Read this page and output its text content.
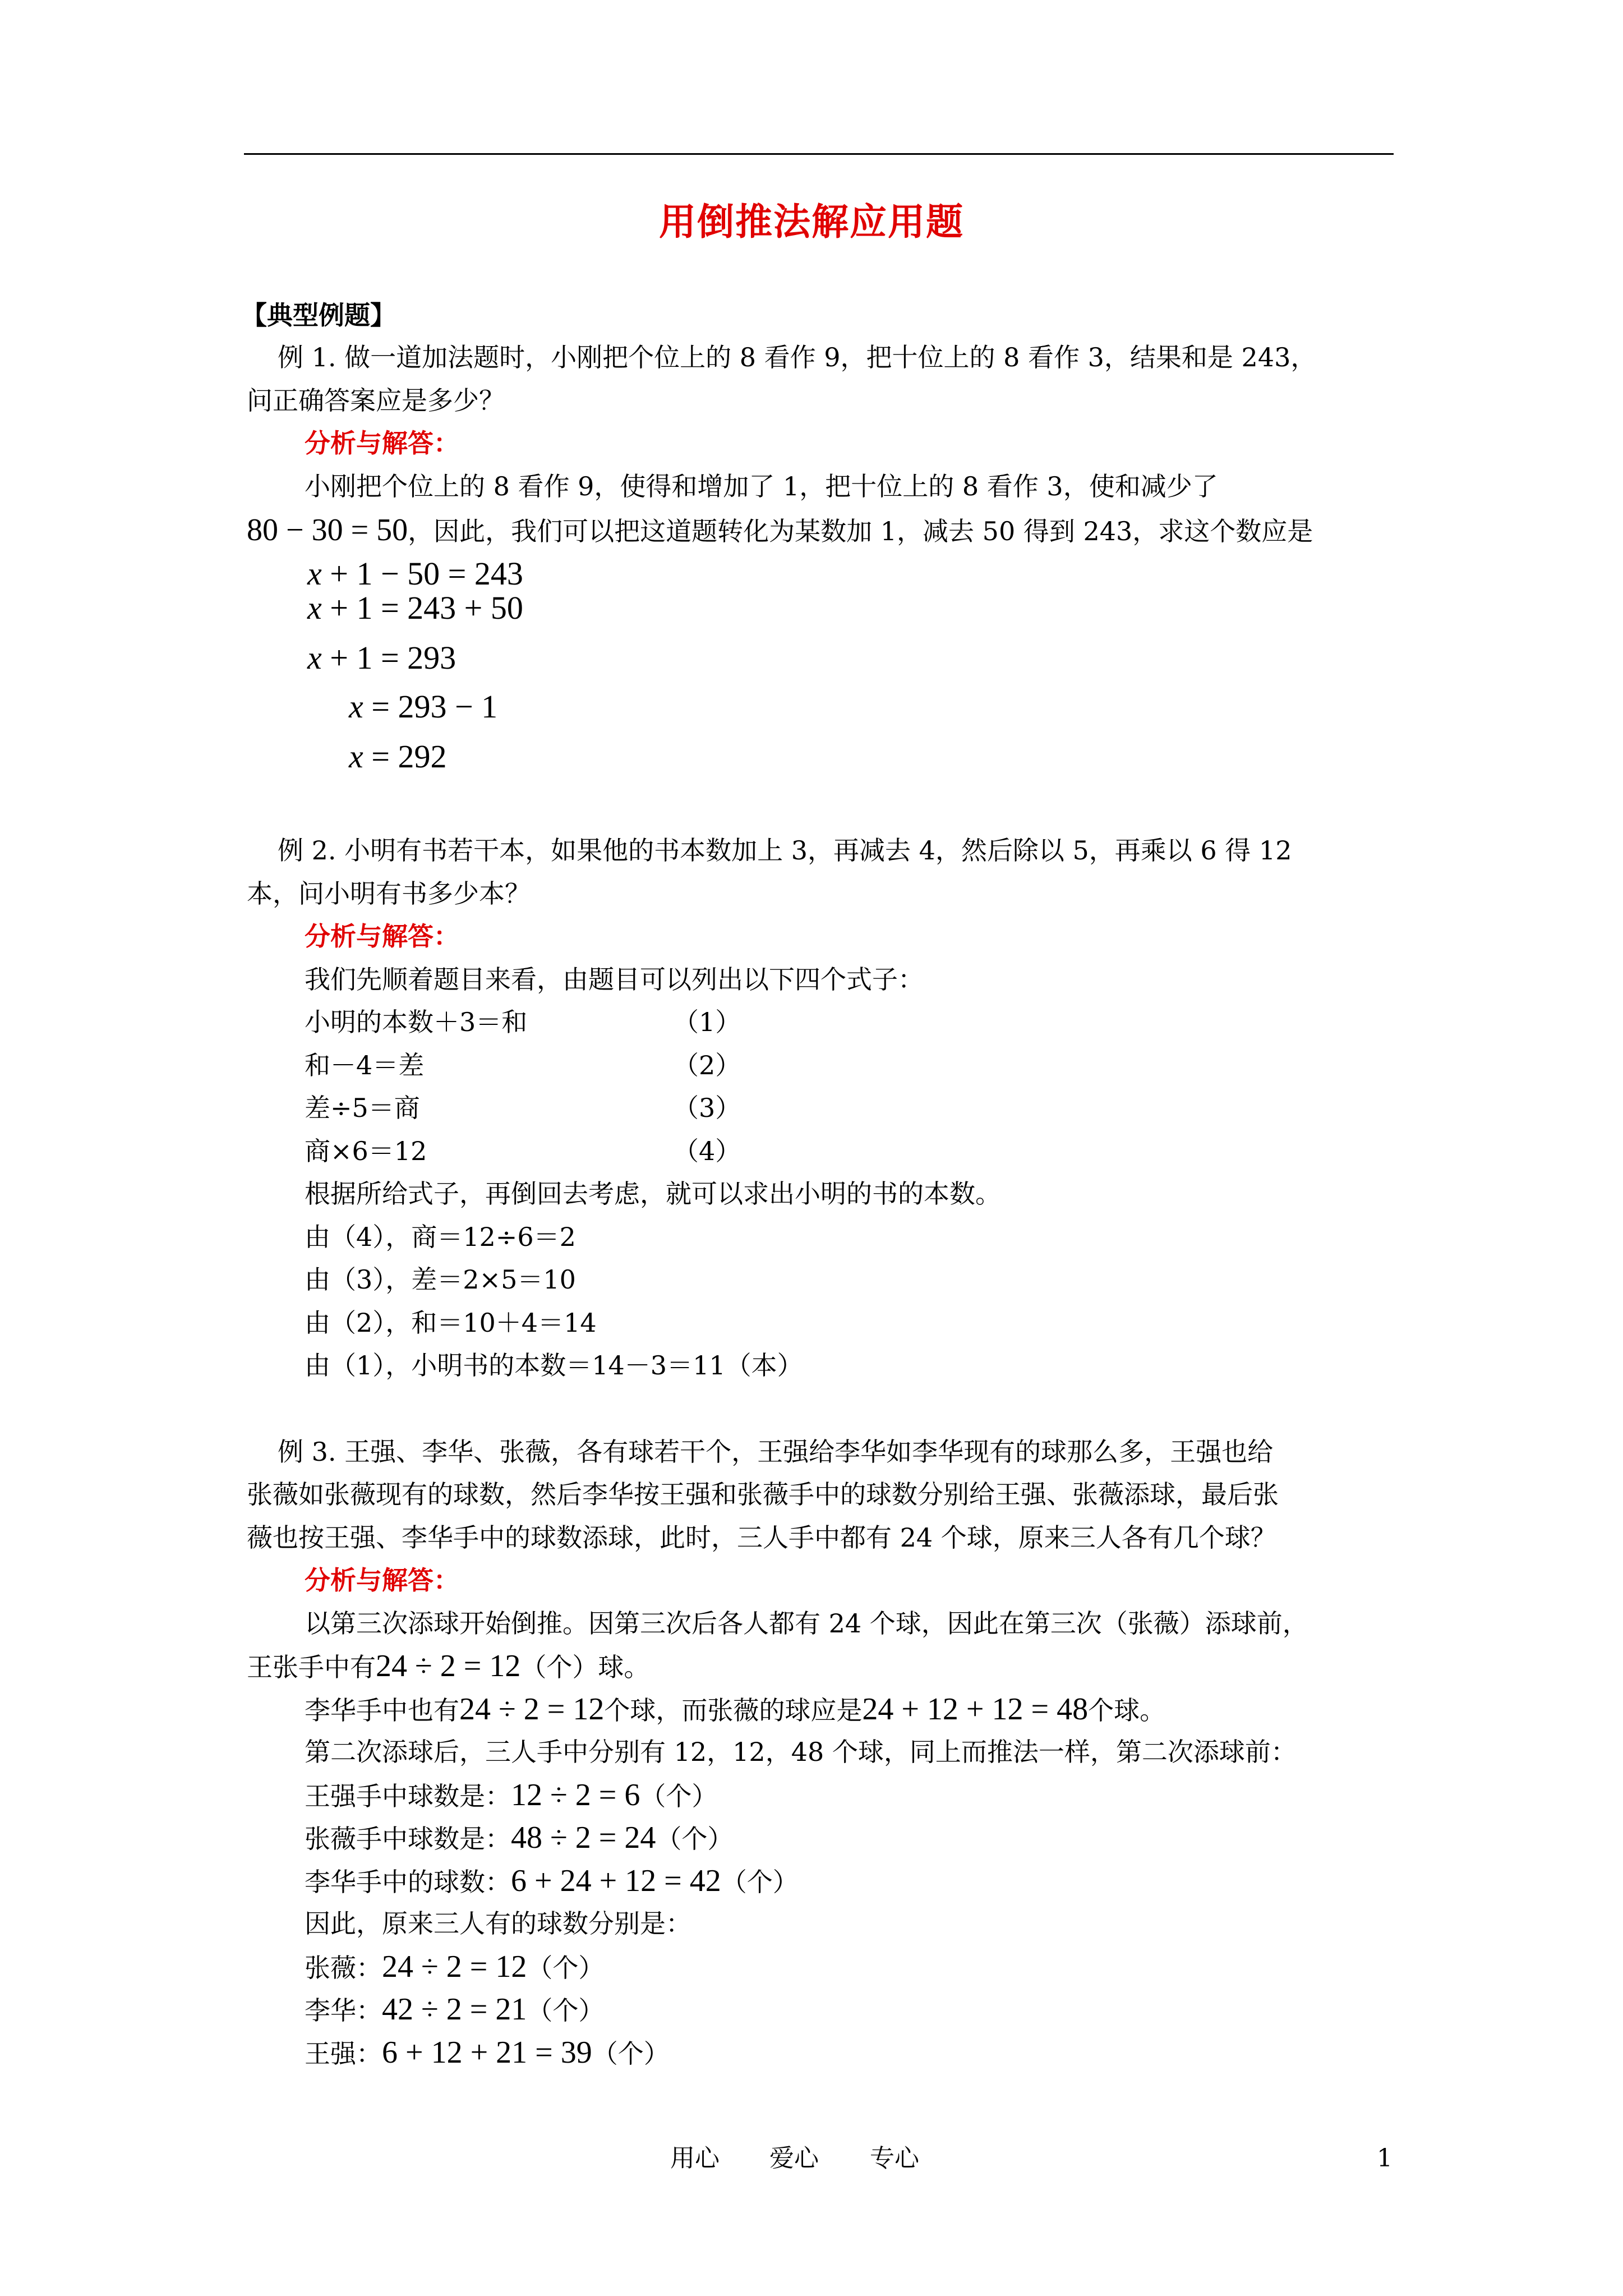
用倒推法解应用题
【典型例题】
例 1. 做一道加法题时，小刚把个位上的 8 看作 9，把十位上的 8 看作 3，结果和是 243，
问正确答案应是多少？
分析与解答：
小刚把个位上的 8 看作 9，使得和增加了 1，把十位上的 8 看作 3，使和减少了
80 − 30 = 50，因此，我们可以把这道题转化为某数加 1，减去 50 得到 243，求这个数应是
x + 1 − 50 = 243
x + 1 = 243 + 50
x + 1 = 293
x = 293 − 1
x = 292
例 2. 小明有书若干本，如果他的书本数加上 3，再减去 4，然后除以 5，再乘以 6 得 12
本，问小明有书多少本？
分析与解答：
我们先顺着题目来看，由题目可以列出以下四个式子：
小明的本数＋3＝和	（1）
和－4＝差	（2）
差÷5＝商	（3）
商×6＝12	（4）
根据所给式子，再倒回去考虑，就可以求出小明的书的本数。
由（4），商＝12÷6＝2
由（3），差＝2×5＝10
由（2），和＝10＋4＝14
由（1），小明书的本数＝14－3＝11（本）
例 3. 王强、李华、张薇，各有球若干个，王强给李华如李华现有的球那么多，王强也给
张薇如张薇现有的球数，然后李华按王强和张薇手中的球数分别给王强、张薇添球，最后张
薇也按王强、李华手中的球数添球，此时，三人手中都有 24 个球，原来三人各有几个球？
分析与解答：
以第三次添球开始倒推。因第三次后各人都有 24 个球，因此在第三次（张薇）添球前，
王张手中有24 ÷ 2 = 12（个）球。
李华手中也有24 ÷ 2 = 12个球，而张薇的球应是24 + 12 + 12 = 48个球。
第二次添球后，三人手中分别有 12，12，48 个球，同上而推法一样，第二次添球前：
王强手中球数是：12 ÷ 2 = 6（个）
张薇手中球数是：48 ÷ 2 = 24（个）
李华手中的球数：6 + 24 + 12 = 42（个）
因此，原来三人有的球数分别是：
张薇：24 ÷ 2 = 12（个）
李华：42 ÷ 2 = 21（个）
王强：6 + 12 + 21 = 39（个）
用心 爱心 专心	1
